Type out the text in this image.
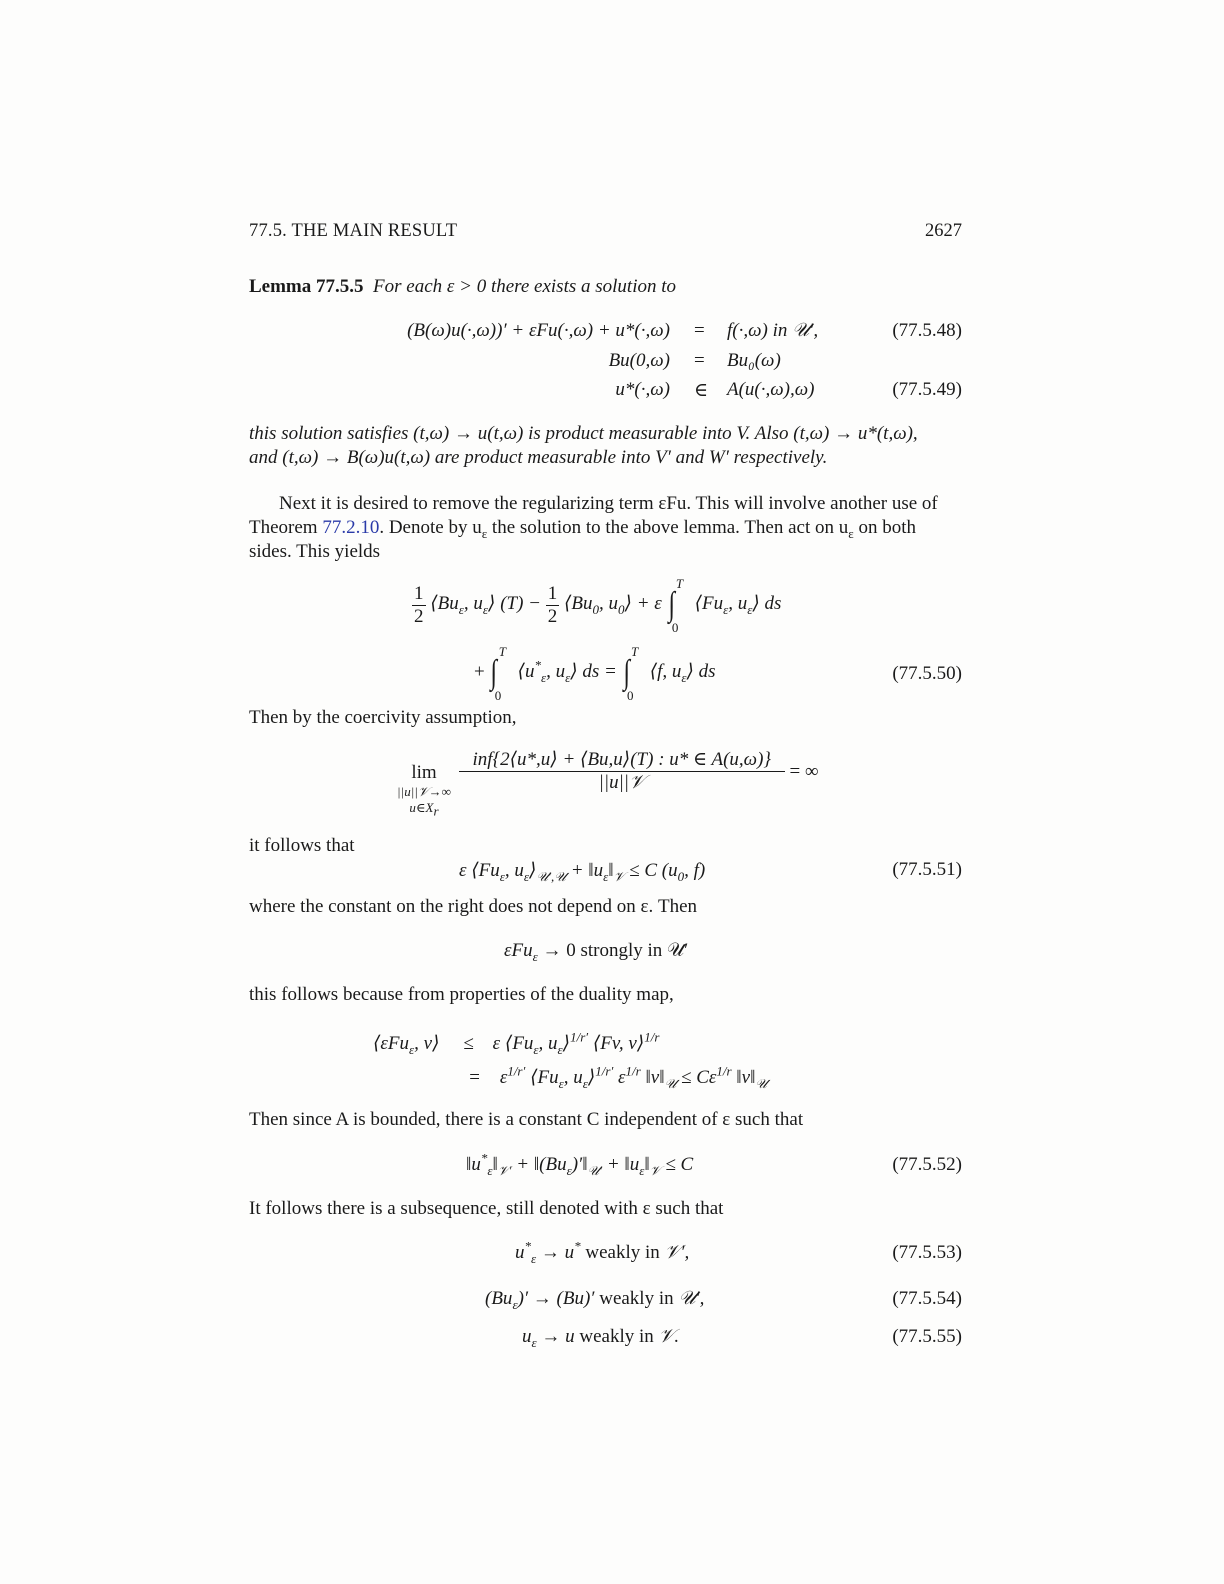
77.5. THE MAIN RESULT	2627
Lemma 77.5.5 For each ε > 0 there exists a solution to
(B(ω)u(·,ω))′ + εFu(·,ω) + u*(·,ω) = f(·,ω) in 𝒰′,	(77.5.48)
Bu(0,ω) = Bu₀(ω)
u*(·,ω) ∈ A(u(·,ω),ω)	(77.5.49)
this solution satisfies (t,ω) → u(t,ω) is product measurable into V. Also (t,ω) → u*(t,ω),
and (t,ω) → B(ω)u(t,ω) are product measurable into V′ and W′ respectively.
Next it is desired to remove the regularizing term εFu. This will involve another use of
Theorem 77.2.10. Denote by $u_\varepsilon$ the solution to the above lemma. Then act on $u_\varepsilon$ on both
sides. This yields
$\frac{1}{2}$ $⟨Bu_\varepsilon$, $u_\varepsilon⟩$ $(T) - \frac{1}{2}$ $⟨Bu_0$, $u_0⟩ + \varepsilon$ ∫
T
0
$⟨Fu_\varepsilon$, $u_\varepsilon⟩$ ds
+ ∫
T
0
$⟨u^*_\varepsilon$, $u_\varepsilon⟩$ ds = ∫
T
0
⟨f, $u_\varepsilon⟩$ ds	(77.5.50)
Then by the coercivity assumption,
lim
||u||𝒱→∞
$u\in X_r$

$\frac{\text{inf\{2⟨u*,u⟩ + ⟨Bu,u⟩(T) : u* ∈ A(u,ω)\}}}{\text{||u||𝒱}}$ = ∞
it follows that
ε $⟨Fu_\varepsilon$, $u_\varepsilon⟩_{𝒰',𝒰}$ + $‖u_\varepsilon‖_𝒱 \le C$ ($u_0$, f)	(77.5.51)
where the constant on the right does not depend on ε. Then
εFu$_\varepsilon$ → 0 strongly in 𝒰′
this follows because from properties of the duality map,
⟨εFu$_\varepsilon$, v⟩     ≤    ε $⟨Fu_\varepsilon$, $u_\varepsilon⟩^{1/r'}$ ⟨Fv, v⟩$^{1/r}$
=    $\varepsilon^{1/r'}$ $⟨Fu_\varepsilon$, $u_\varepsilon⟩^{1/r'}$ $\varepsilon^{1/r}$ $‖v‖_𝒰 \le C\varepsilon^{1/r}$ $‖v‖_𝒰$
Then since A is bounded, there is a constant C independent of ε such that
$‖u^*_\varepsilon‖_{𝒱'}$ + $‖(Bu_\varepsilon)'‖_{𝒰'}$ + $‖u_\varepsilon‖_𝒱 \le C$	(77.5.52)
It follows there is a subsequence, still denoted with ε such that
$u^*_\varepsilon \to u^*$ weakly in 𝒱′,	(77.5.53)
$(Bu_\varepsilon)' \to (Bu)'$ weakly in 𝒰′,	(77.5.54)
$u_\varepsilon \to u$ weakly in 𝒱.	(77.5.55)
